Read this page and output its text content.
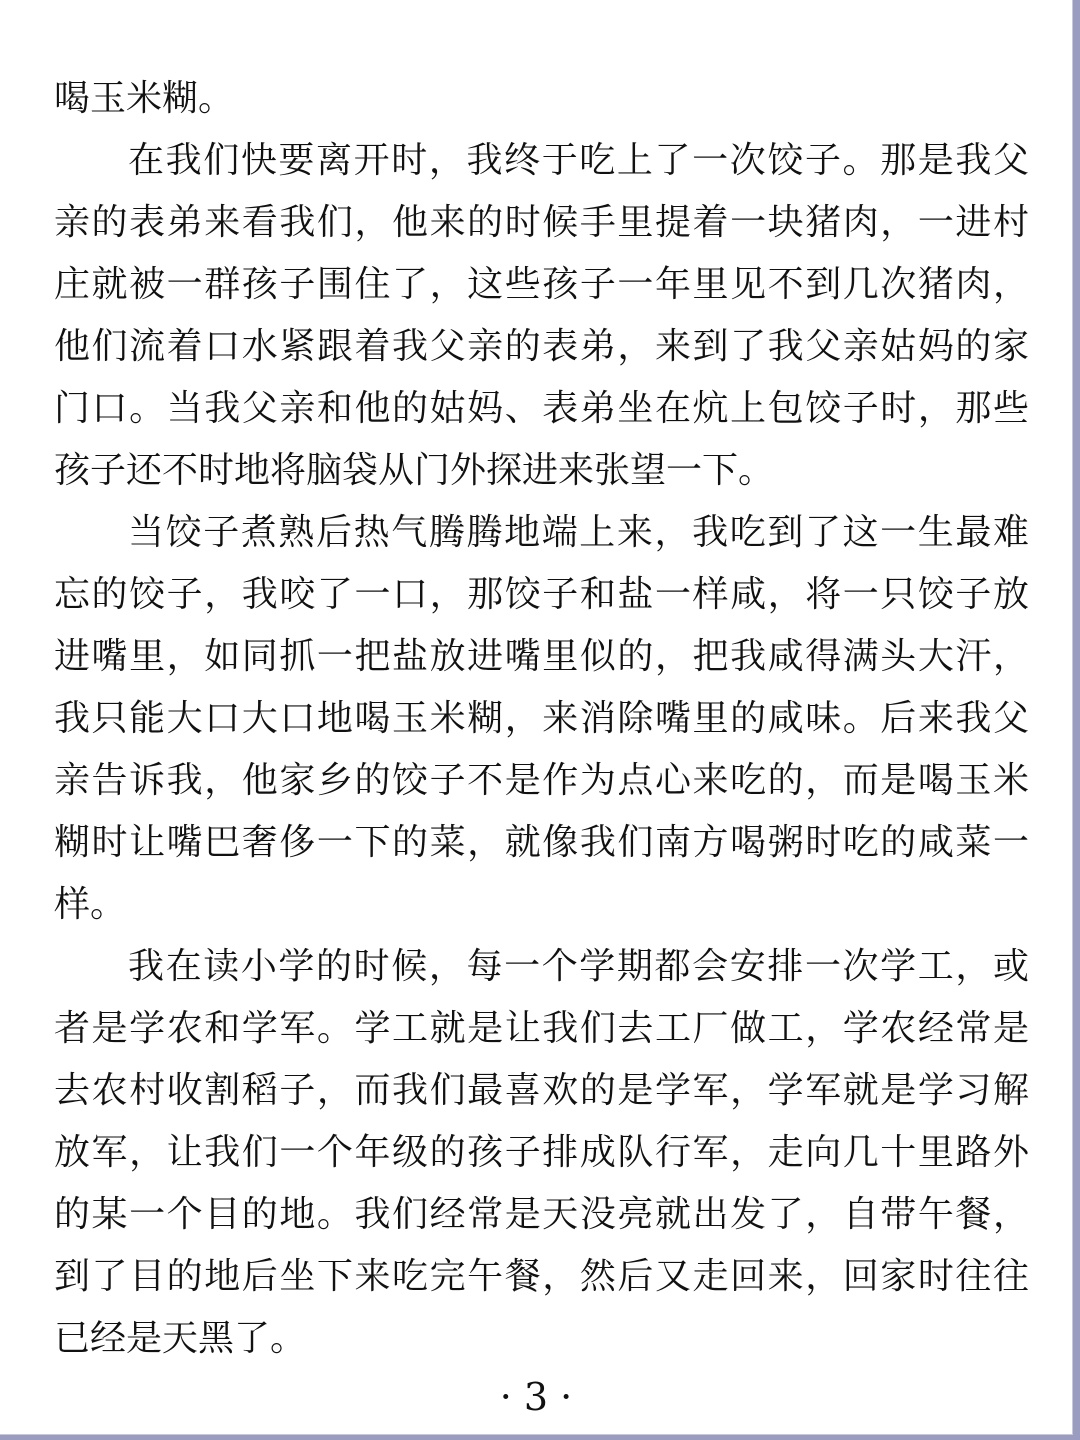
喝玉米糊。
在我们快要离开时，我终于吃上了一次饺子。那是我父
亲的表弟来看我们，他来的时候手里提着一块猪肉，一进村
庄就被一群孩子围住了，这些孩子一年里见不到几次猪肉，
他们流着口水紧跟着我父亲的表弟，来到了我父亲姑妈的家
门口。当我父亲和他的姑妈、表弟坐在炕上包饺子时，那些
孩子还不时地将脑袋从门外探进来张望一下。
当饺子煮熟后热气腾腾地端上来，我吃到了这一生最难
忘的饺子，我咬了一口，那饺子和盐一样咸，将一只饺子放
进嘴里，如同抓一把盐放进嘴里似的，把我咸得满头大汗，
我只能大口大口地喝玉米糊，来消除嘴里的咸味。后来我父
亲告诉我，他家乡的饺子不是作为点心来吃的，而是喝玉米
糊时让嘴巴奢侈一下的菜，就像我们南方喝粥时吃的咸菜一
样。
我在读小学的时候，每一个学期都会安排一次学工，或
者是学农和学军。学工就是让我们去工厂做工，学农经常是
去农村收割稻子，而我们最喜欢的是学军，学军就是学习解
放军，让我们一个年级的孩子排成队行军，走向几十里路外
的某一个目的地。我们经常是天没亮就出发了，自带午餐，
到了目的地后坐下来吃完午餐，然后又走回来，回家时往往
已经是天黑了。
· 3 ·
